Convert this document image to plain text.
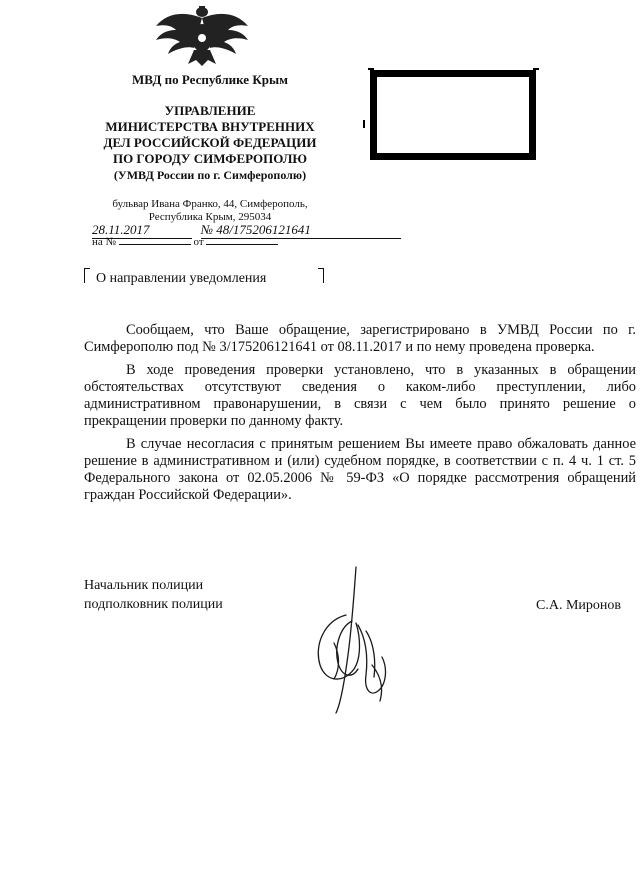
МВД по Республике Крым
УПРАВЛЕНИЕ
МИНИСТЕРСТВА ВНУТРЕННИХ
ДЕЛ РОССИЙСКОЙ ФЕДЕРАЦИИ
ПО ГОРОДУ СИМФЕРОПОЛЮ
(УМВД России по г. Симферополю)
бульвар Ивана Франко, 44, Симферополь,
Республика Крым, 295034
28.11.2017	№ 48/175206121641
на №	от
О направлении уведомления

Сообщаем, что Ваше обращение, зарегистрировано в УМВД России по г. Симферополю под № 3/175206121641 от 08.11.2017 и по нему проведена проверка.

В ходе проведения проверки установлено, что в указанных в обращении обстоятельствах отсутствуют сведения о каком-либо преступлении, либо административном правонарушении, в связи с чем было принято решение о прекращении проверки по данному факту.

В случае несогласия с принятым решением Вы имеете право обжаловать данное решение в административном и (или) судебном порядке, в соответствии с п. 4 ч. 1 ст. 5 Федерального закона от 02.05.2006 № 59-ФЗ «О порядке рассмотрения обращений граждан Российской Федерации».

Начальник полиции
подполковник полиции	С.А. Миронов
